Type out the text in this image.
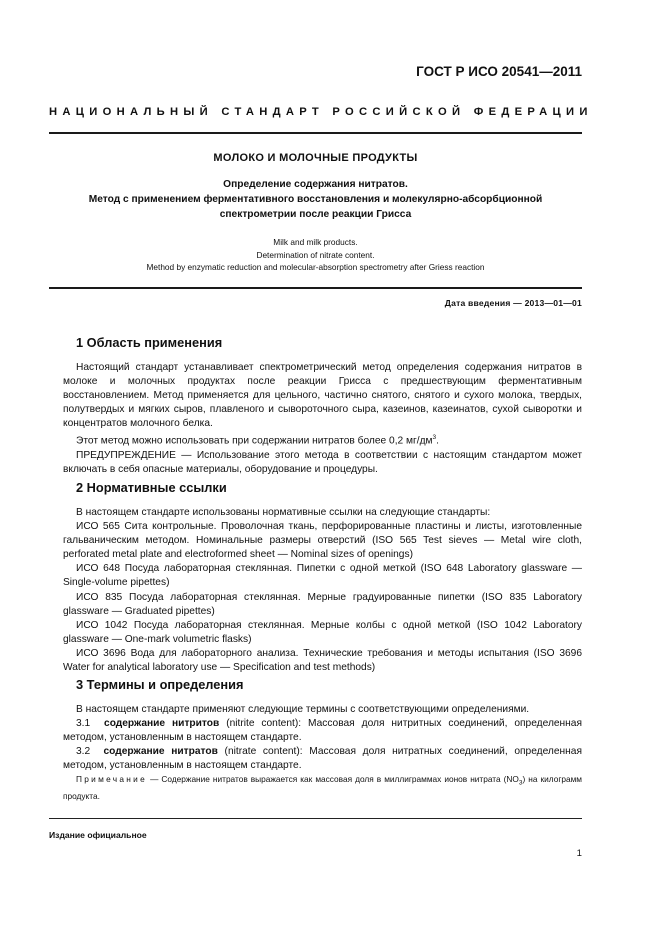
ГОСТ Р ИСО 20541—2011
НАЦИОНАЛЬНЫЙ СТАНДАРТ РОССИЙСКОЙ ФЕДЕРАЦИИ
МОЛОКО И МОЛОЧНЫЕ ПРОДУКТЫ
Определение содержания нитратов.
Метод с применением ферментативного восстановления и молекулярно-абсорбционной
спектрометрии после реакции Грисса
Milk and milk products.
Determination of nitrate content.
Method by enzymatic reduction and molecular-absorption spectrometry after Griess reaction
Дата введения — 2013—01—01
1 Область применения

Настоящий стандарт устанавливает спектрометрический метод определения содержания нитратов в молоке и молочных продуктах после реакции Грисса с предшествующим ферментативным восстановлением. Метод применяется для цельного, частично снятого, снятого и сухого молока, твердых, полутвердых и мягких сыров, плавленого и сывороточного сыра, казеинов, казеинатов, сухой сыворотки и концентратов молочного белка.

Этот метод можно использовать при содержании нитратов более 0,2 $мг/дм^3$.

ПРЕДУПРЕЖДЕНИЕ — Использование этого метода в соответствии с настоящим стандартом может включать в себя опасные материалы, оборудование и процедуры.

2 Нормативные ссылки

В настоящем стандарте использованы нормативные ссылки на следующие стандарты:

ИСО 565 Сита контрольные. Проволочная ткань, перфорированные пластины и листы, изготовленные гальваническим методом. Номинальные размеры отверстий (ISO 565 Test sieves — Metal wire cloth, perforated metal plate and electroformed sheet — Nominal sizes of openings)

ИСО 648 Посуда лабораторная стеклянная. Пипетки с одной меткой (ISO 648 Laboratory glassware — Single-volume pipettes)

ИСО 835 Посуда лабораторная стеклянная. Мерные градуированные пипетки (ISO 835 Laboratory glassware — Graduated pipettes)

ИСО 1042 Посуда лабораторная стеклянная. Мерные колбы с одной меткой (ISO 1042 Laboratory glassware — One-mark volumetric flasks)

ИСО 3696 Вода для лабораторного анализа. Технические требования и методы испытания (ISO 3696 Water for analytical laboratory use — Specification and test methods)

3 Термины и определения

В настоящем стандарте применяют следующие термины с соответствующими определениями.

3.1 содержание нитритов (nitrite content): Массовая доля нитритных соединений, определенная методом, установленным в настоящем стандарте.

3.2 содержание нитратов (nitrate content): Массовая доля нитратных соединений, определенная методом, установленным в настоящем стандарте.

Примечание — Содержание нитратов выражается как массовая доля в миллиграммах ионов нитрата $(NO_3)$ на килограмм продукта.

Издание официальное
1
